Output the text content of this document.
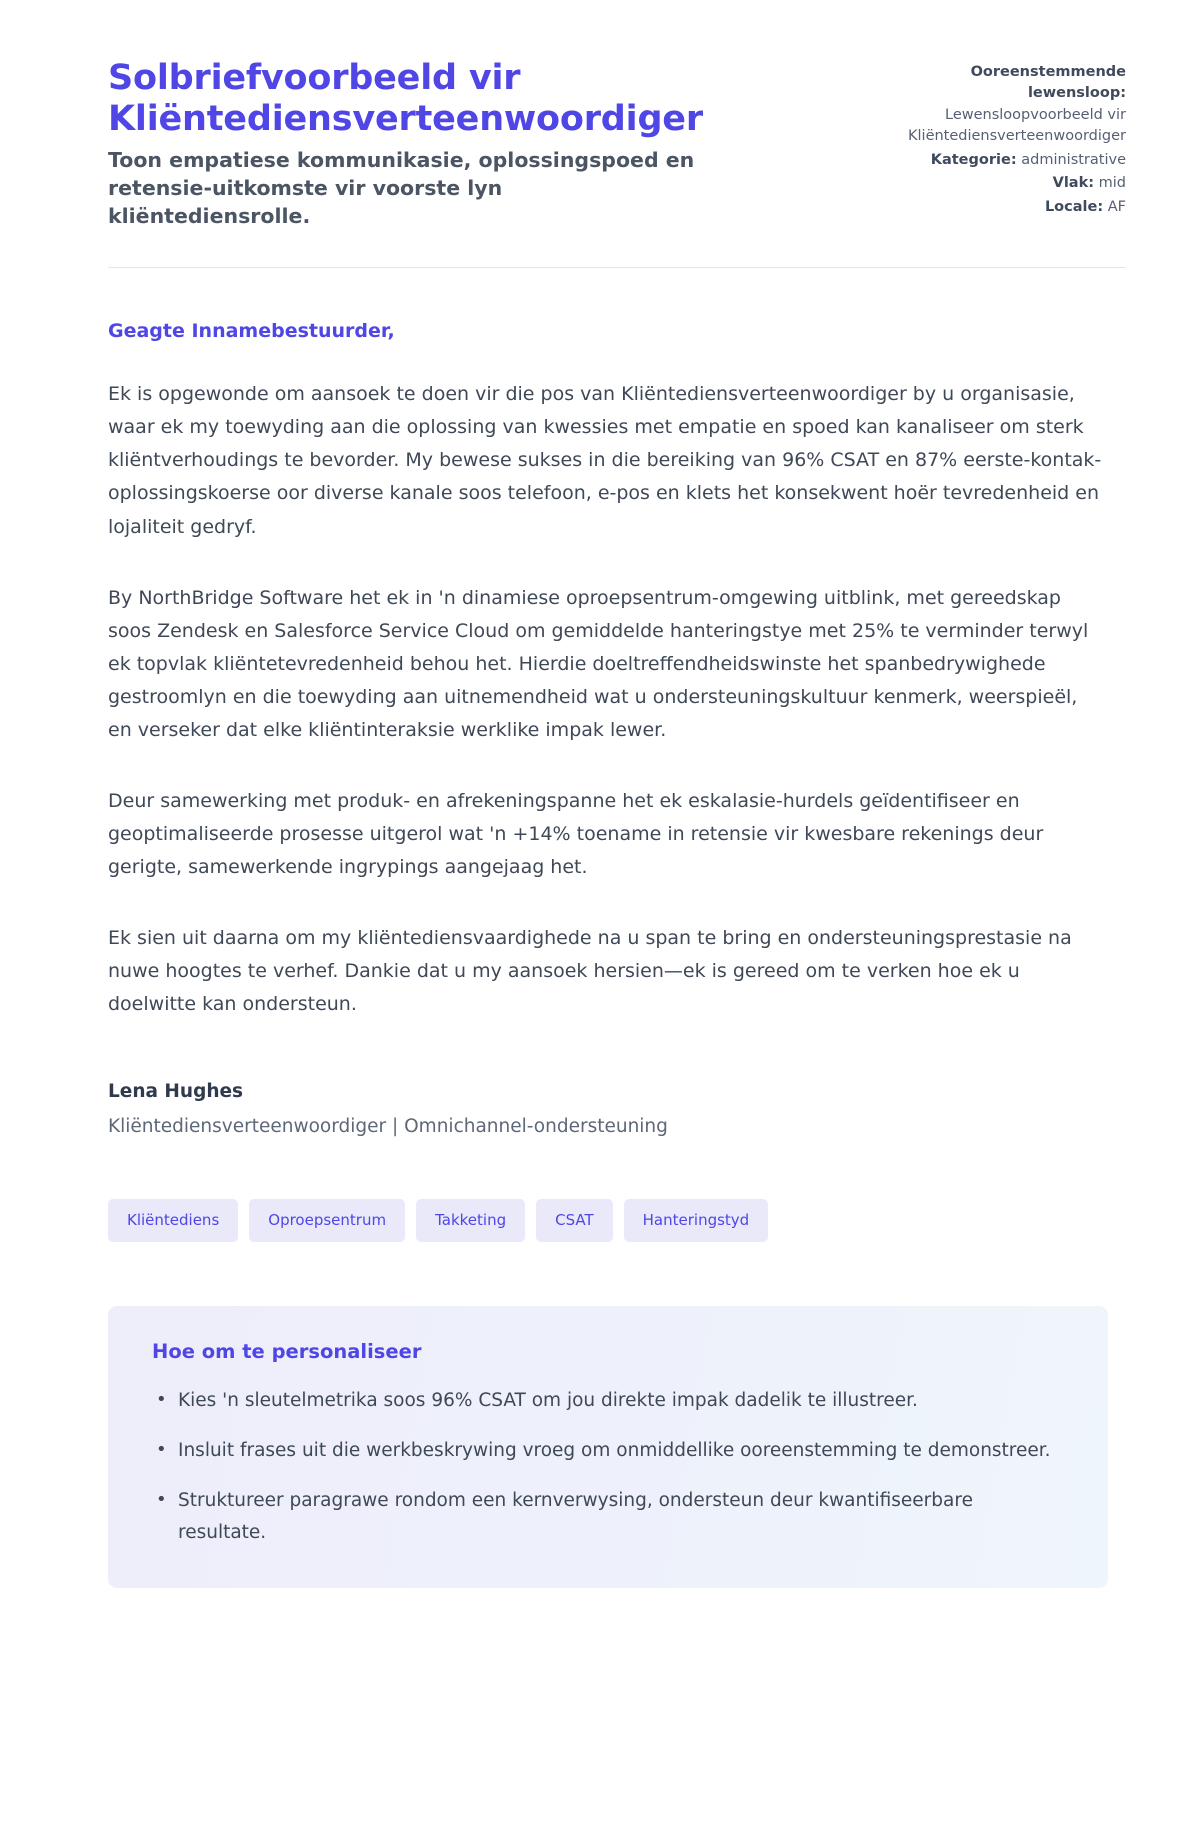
Solbriefvoorbeeld vir Kliëntediensverteenwoordiger

Toon empatiese kommunikasie, oplossingspoed en retensie-uitkomste vir voorste lyn kliëntediensrolle.

Ooreenstemmende lewensloop:
Lewensloopvoorbeeld vir Kliëntediensverteenwoordiger
Kategorie: administrative
Vlak: mid
Locale: AF

Geagte Innamebestuurder,

Ek is opgewonde om aansoek te doen vir die pos van Kliëntediensverteenwoordiger by u organisasie, waar ek my toewyding aan die oplossing van kwessies met empatie en spoed kan kanaliseer om sterk kliëntverhoudings te bevorder. My bewese sukses in die bereiking van 96% CSAT en 87% eerste-kontak-oplossingskoerse oor diverse kanale soos telefoon, e-pos en klets het konsekwent hoër tevredenheid en lojaliteit gedryf.

By NorthBridge Software het ek in 'n dinamiese oproepsentrum-omgewing uitblink, met gereedskap soos Zendesk en Salesforce Service Cloud om gemiddelde hanteringstye met 25% te verminder terwyl ek topvlak kliëntetevredenheid behou het. Hierdie doeltreffendheidswinste het spanbedrywighede gestroomlyn en die toewyding aan uitnemendheid wat u ondersteuningskultuur kenmerk, weerspieël, en verseker dat elke kliëntinteraksie werklike impak lewer.

Deur samewerking met produk- en afrekeningspanne het ek eskalasie-hurdels geïdentifiseer en geoptimaliseerde prosesse uitgerol wat 'n +14% toename in retensie vir kwesbare rekenings deur gerigte, samewerkende ingrypings aangejaag het.

Ek sien uit daarna om my kliëntediensvaardighede na u span te bring en ondersteuningsprestasie na nuwe hoogtes te verhef. Dankie dat u my aansoek hersien—ek is gereed om te verken hoe ek u doelwitte kan ondersteun.

Lena Hughes

Kliëntediensverteenwoordiger | Omnichannel-ondersteuning

Kliëntediens	Oproepsentrum	Takketing	CSAT	Hanteringstyd

Hoe om te personaliseer

• Kies 'n sleutelmetrika soos 96% CSAT om jou direkte impak dadelik te illustreer.
• Insluit frases uit die werkbeskrywing vroeg om onmiddellike ooreenstemming te demonstreer.
• Struktureer paragrawe rondom een kernverwysing, ondersteun deur kwantifiseerbare resultate.
